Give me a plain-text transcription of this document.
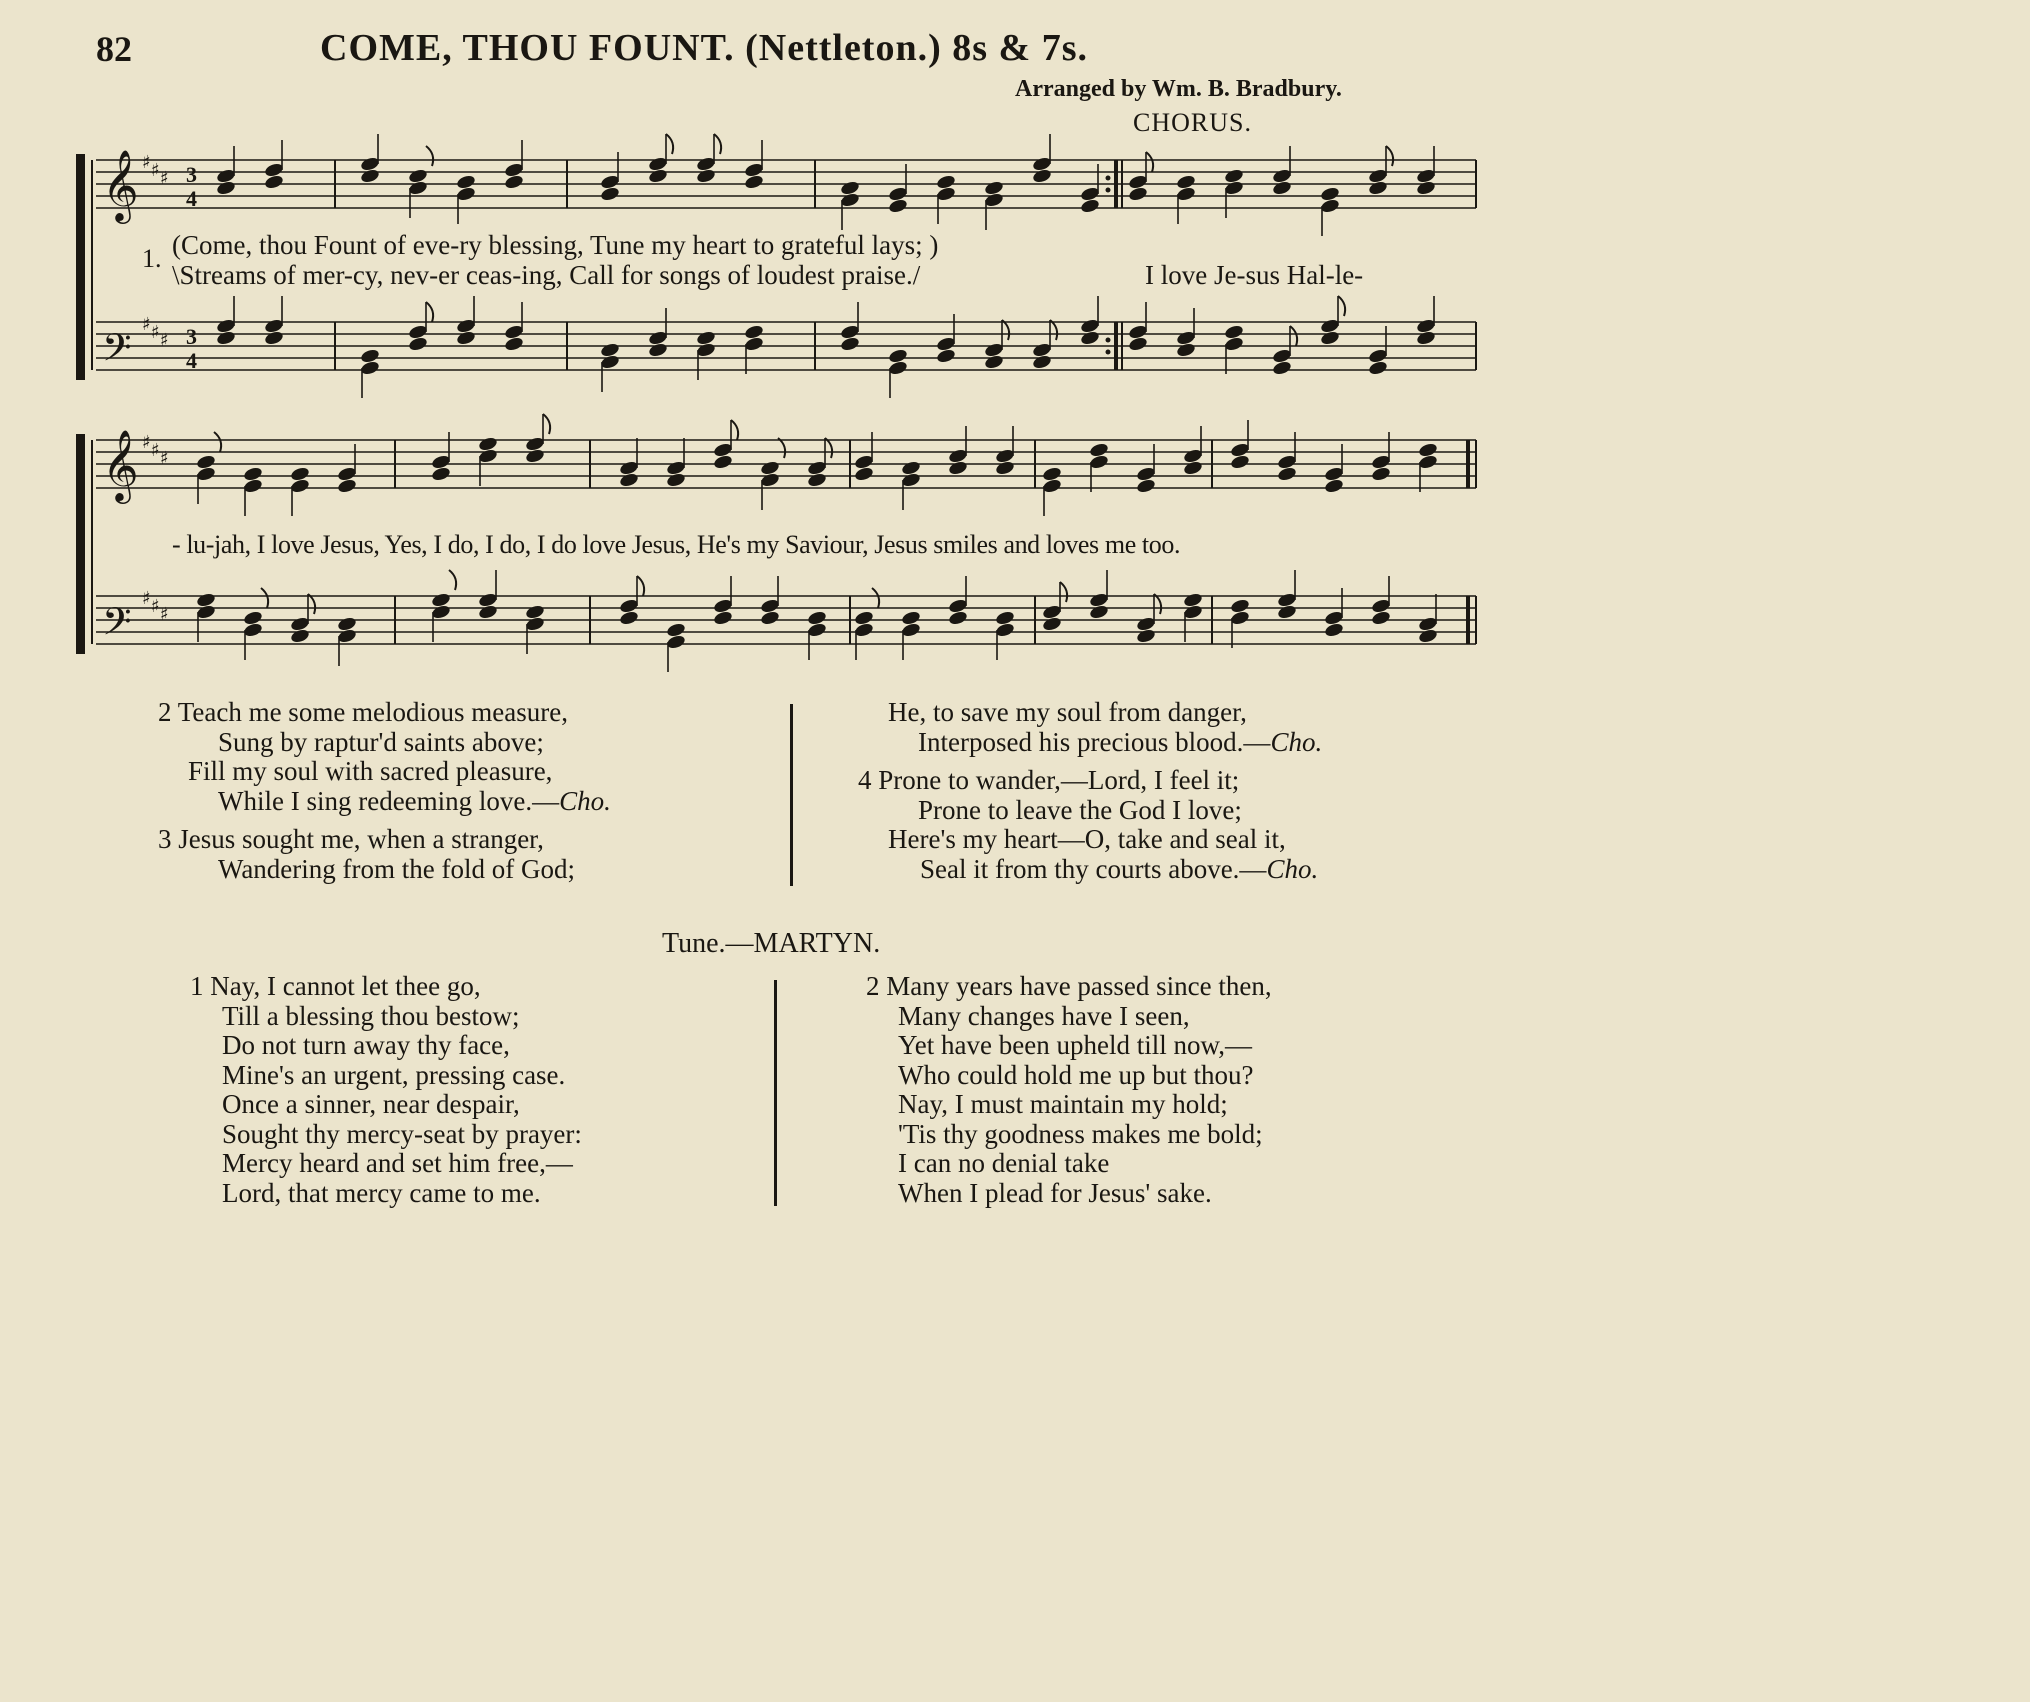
82	COME, THOU FOUNT. (Nettleton.) 8s & 7s.
Arranged by Wm. B. Bradbury.
CHORUS.
𝄞 ♯ ♯ ♯ 3
4
𝄢
♯ ♯ ♯ 3
4
𝄞 ♯ ♯ ♯
𝄢
♯ ♯ ♯
1. (Come, thou Fount of eve-ry blessing, Tune my heart to grateful lays; )
\Streams of mer-cy, nev-er ceas-ing, Call for songs of loudest praise./	I love Je-sus Hal-le-
- lu-jah, I love Jesus, Yes, I do, I do, I do love Jesus, He's my Saviour, Jesus smiles and loves me too.
2 Teach me some melodious measure,
Sung by raptur'd saints above;
Fill my soul with sacred pleasure,
While I sing redeeming love.—Cho.
3 Jesus sought me, when a stranger,
Wandering from the fold of God;
He, to save my soul from danger,
Interposed his precious blood.—Cho.
4 Prone to wander,—Lord, I feel it;
Prone to leave the God I love;
Here's my heart—O, take and seal it,
Seal it from thy courts above.—Cho.
Tune.—MARTYN.
1 Nay, I cannot let thee go,
Till a blessing thou bestow;
Do not turn away thy face,
Mine's an urgent, pressing case.
Once a sinner, near despair,
Sought thy mercy-seat by prayer:
Mercy heard and set him free,—
Lord, that mercy came to me.
2 Many years have passed since then,
Many changes have I seen,
Yet have been upheld till now,—
Who could hold me up but thou?
Nay, I must maintain my hold;
'Tis thy goodness makes me bold;
I can no denial take
When I plead for Jesus' sake.
